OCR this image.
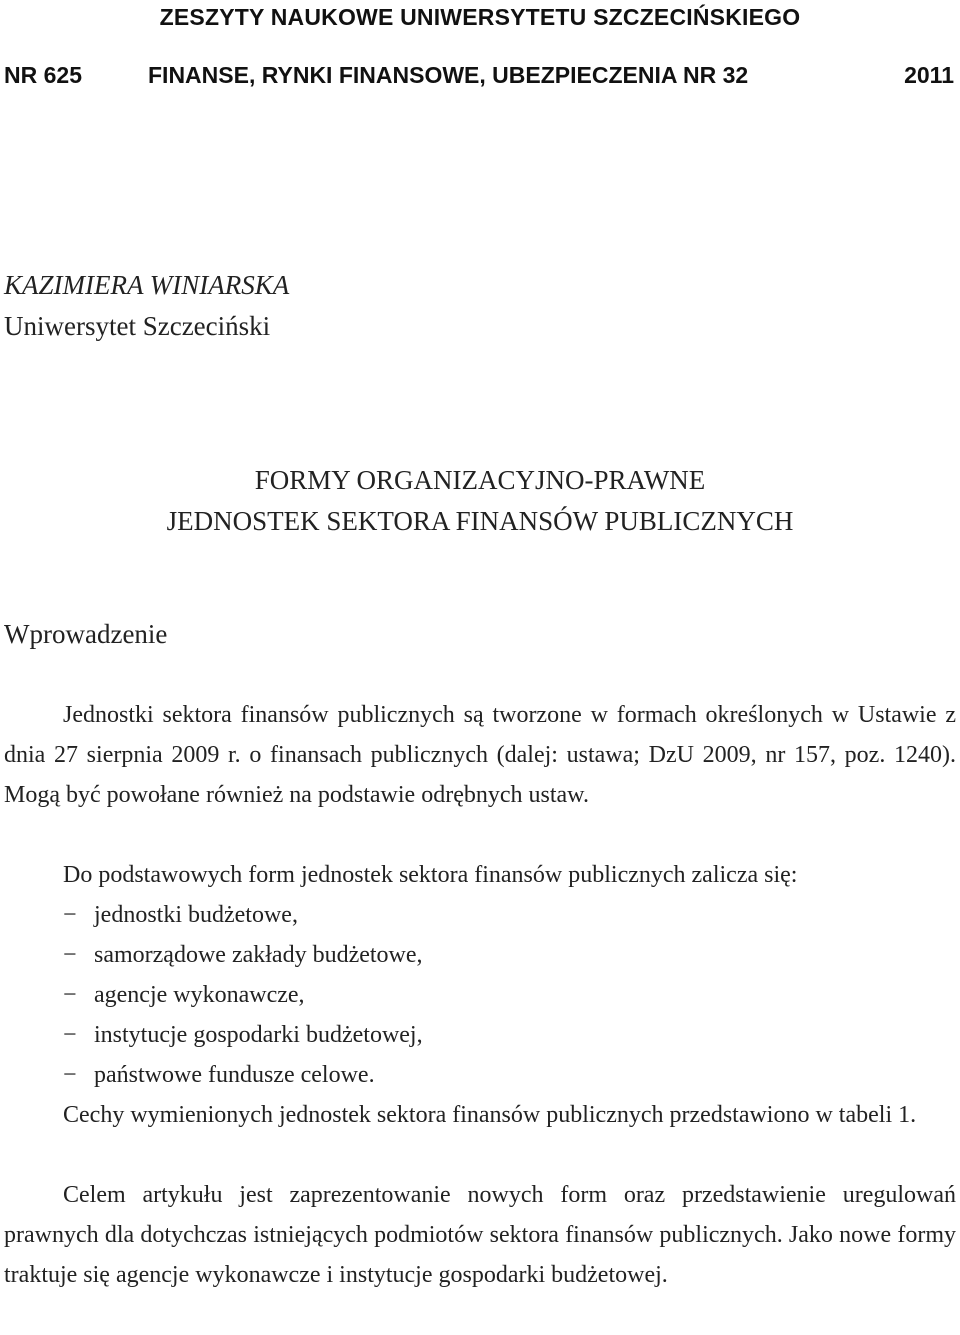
ZESZYTY NAUKOWE UNIWERSYTETU SZCZECIŃSKIEGO
NR 625	FINANSE, RYNKI FINANSOWE, UBEZPIECZENIA NR 32	2011
KAZIMIERA WINIARSKA
Uniwersytet Szczeciński
FORMY ORGANIZACYJNO-PRAWNE
JEDNOSTEK SEKTORA FINANSÓW PUBLICZNYCH
Wprowadzenie

Jednostki sektora finansów publicznych są tworzone w formach określonych w Ustawie z dnia 27 sierpnia 2009 r. o finansach publicznych (dalej: ustawa; DzU 2009, nr 157, poz. 1240). Mogą być powołane również na podstawie odrębnych ustaw.

Do podstawowych form jednostek sektora finansów publicznych zalicza się:

− jednostki budżetowe,
− samorządowe zakłady budżetowe,
− agencje wykonawcze,
− instytucje gospodarki budżetowej,
− państwowe fundusze celowe.

Cechy wymienionych jednostek sektora finansów publicznych przedstawiono w tabeli 1.

Celem artykułu jest zaprezentowanie nowych form oraz przedstawienie uregulowań prawnych dla dotychczas istniejących podmiotów sektora finansów publicznych. Jako nowe formy traktuje się agencje wykonawcze i instytucje gospodarki budżetowej.
